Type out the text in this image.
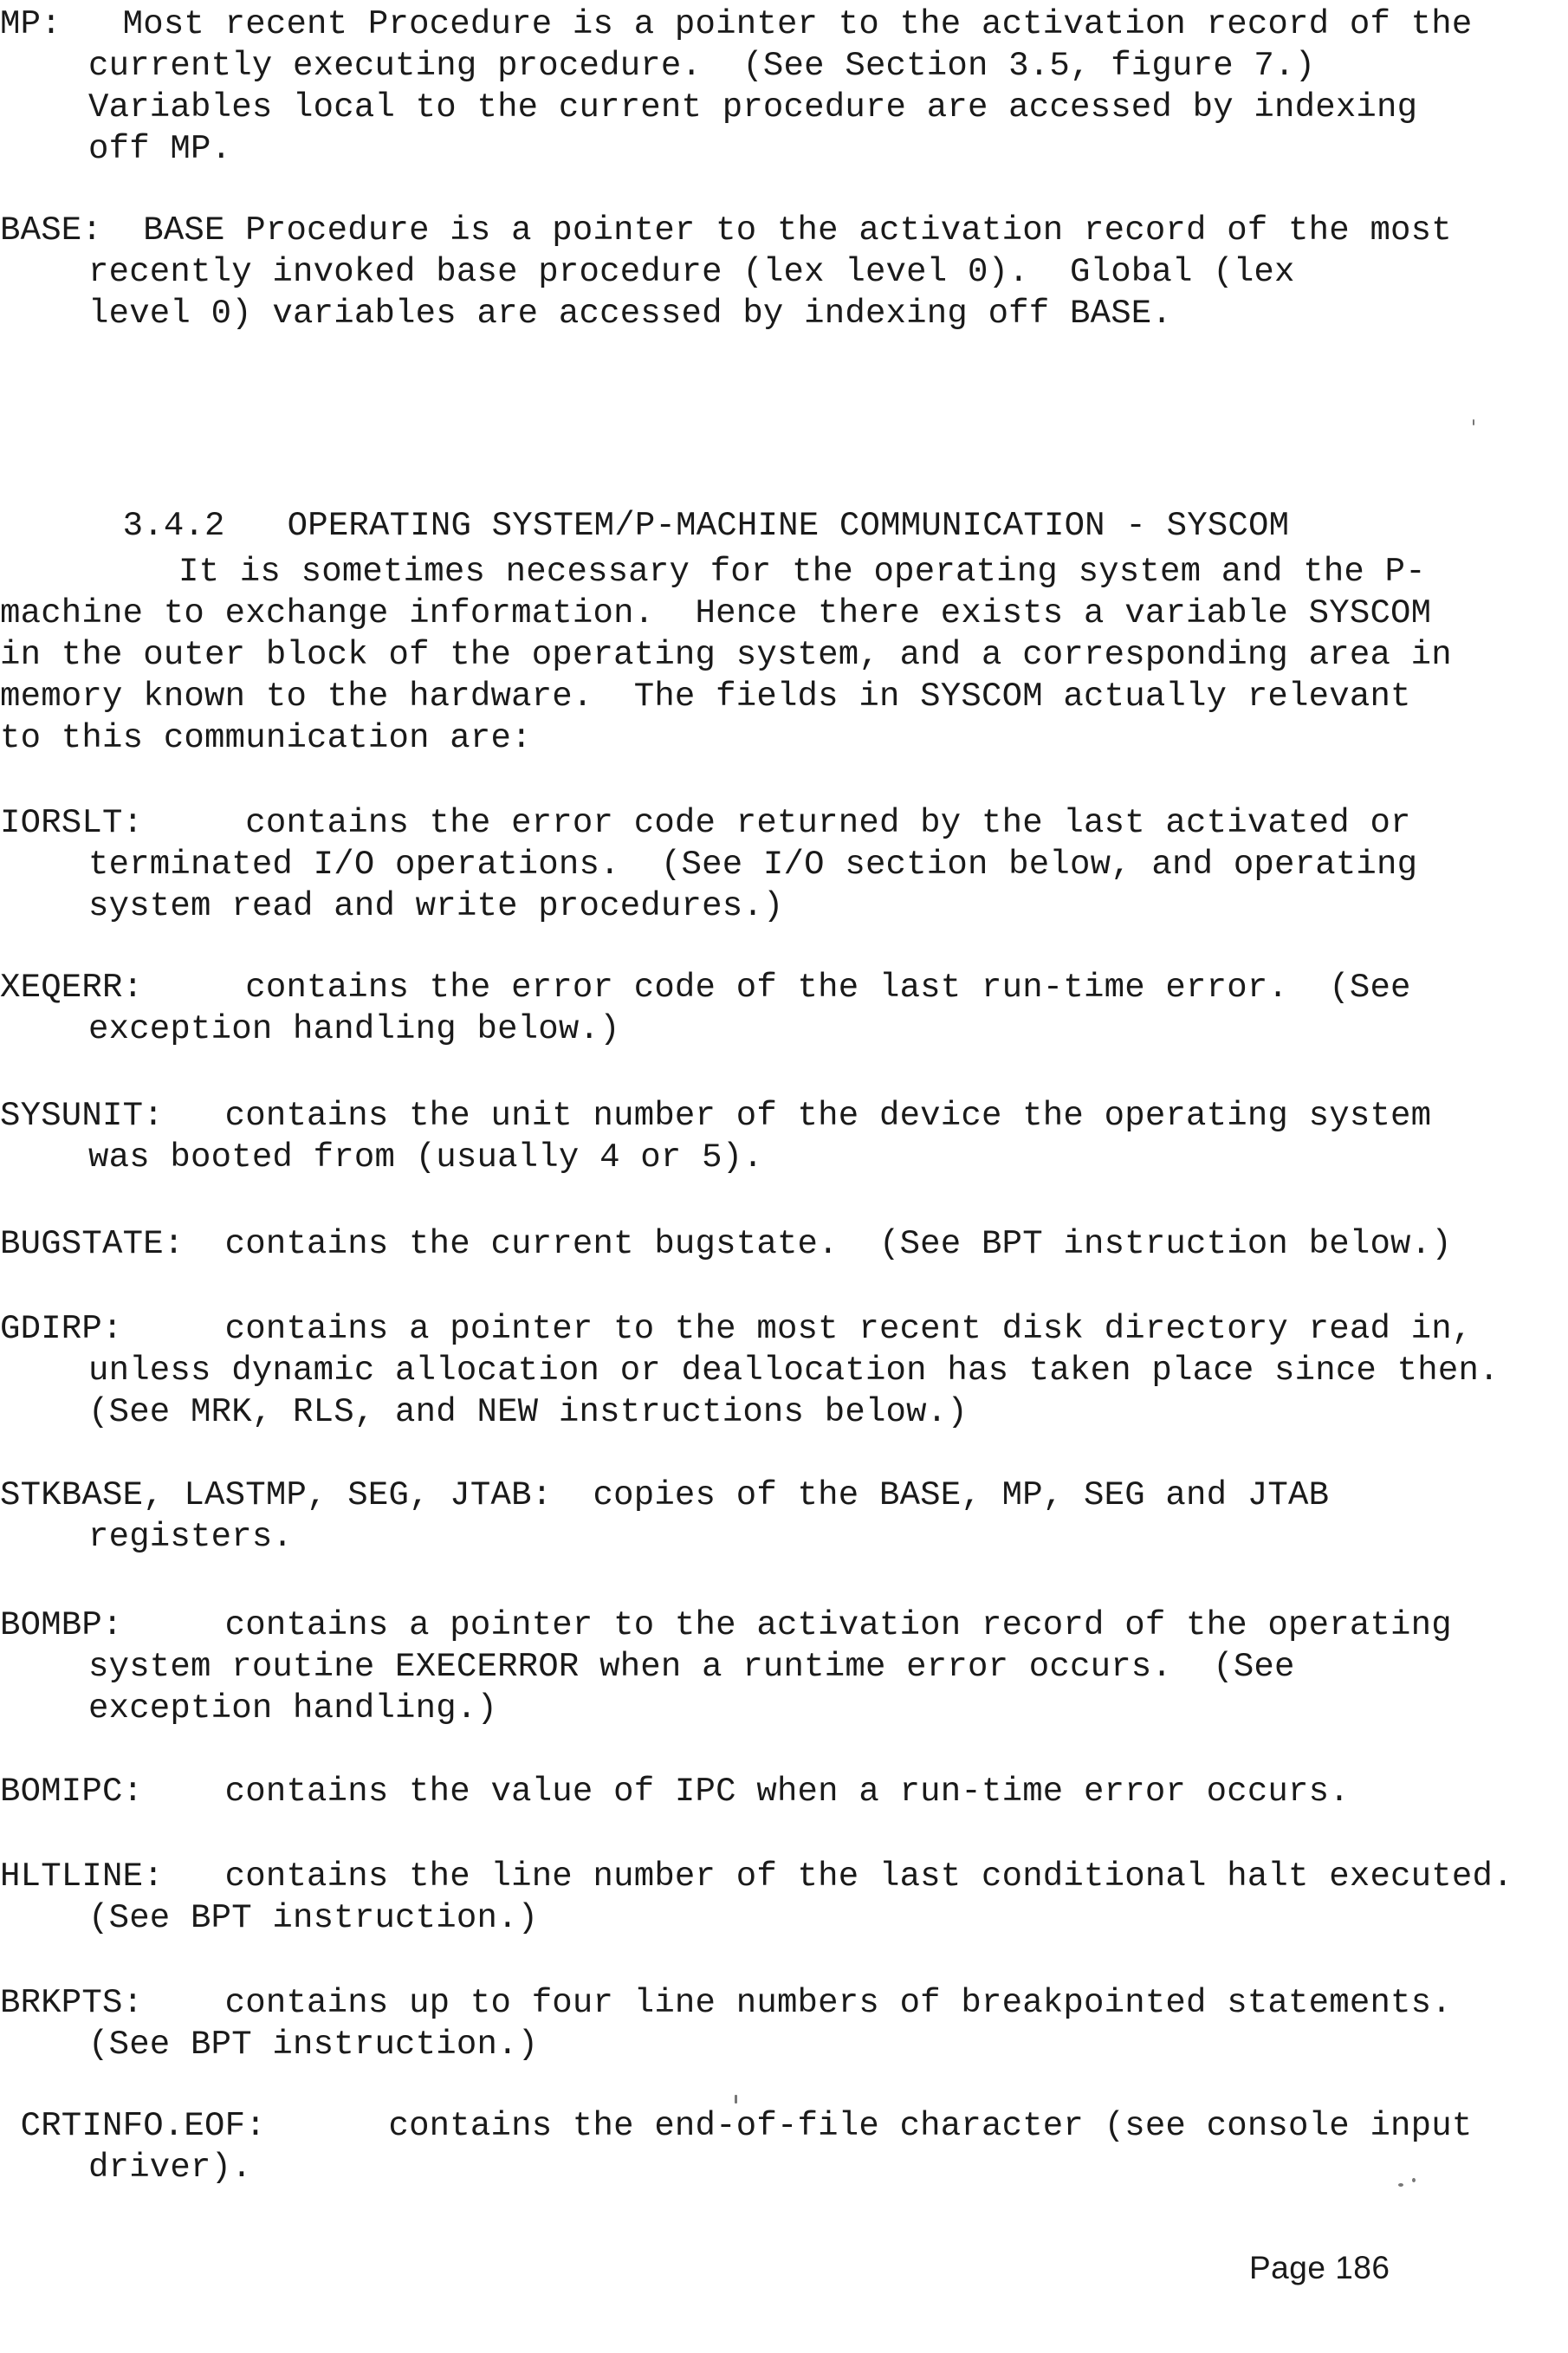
MP:   Most recent Procedure is a pointer to the activation record of the
currently executing procedure.  (See Section 3.5, figure 7.)
Variables local to the current procedure are accessed by indexing
off MP.
BASE:  BASE Procedure is a pointer to the activation record of the most
recently invoked base procedure (lex level 0).  Global (lex
level 0) variables are accessed by indexing off BASE.

3.4.2 OPERATING SYSTEM/P-MACHINE COMMUNICATION - SYSCOM

It is sometimes necessary for the operating system and the P-
machine to exchange information.  Hence there exists a variable SYSCOM
in the outer block of the operating system, and a corresponding area in
memory known to the hardware.  The fields in SYSCOM actually relevant
to this communication are:
IORSLT:     contains the error code returned by the last activated or
terminated I/O operations.  (See I/O section below, and operating
system read and write procedures.)
XEQERR:     contains the error code of the last run-time error.  (See
exception handling below.)
SYSUNIT:   contains the unit number of the device the operating system
was booted from (usually 4 or 5).
BUGSTATE:  contains the current bugstate.  (See BPT instruction below.)
GDIRP:     contains a pointer to the most recent disk directory read in,
unless dynamic allocation or deallocation has taken place since then.
(See MRK, RLS, and NEW instructions below.)
STKBASE, LASTMP, SEG, JTAB:  copies of the BASE, MP, SEG and JTAB
registers.
BOMBP:     contains a pointer to the activation record of the operating
system routine EXECERROR when a runtime error occurs.  (See
exception handling.)
BOMIPC:    contains the value of IPC when a run-time error occurs.
HLTLINE:   contains the line number of the last conditional halt executed.
(See BPT instruction.)
BRKPTS:    contains up to four line numbers of breakpointed statements.
(See BPT instruction.)
CRTINFO.EOF:      contains the end-of-file character (see console input
driver).
Page 186
